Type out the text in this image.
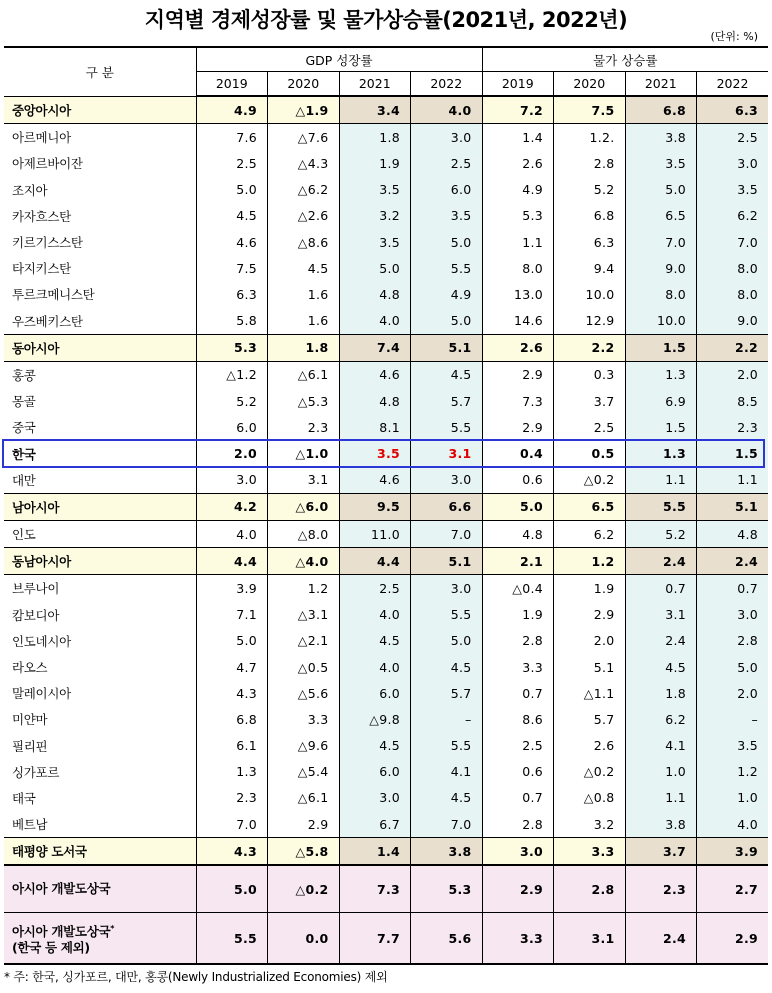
지역별 경제성장률 및 물가상승률(2021년, 2022년)
(단위: %)
구 분	GDP 성장률				물가 상승률			
	2019	2020	2021	2022	2019	2020	2021	2022
중앙아시아	4.9	△1.9	3.4	4.0	7.2	7.5	6.8	6.3
아르메니아	7.6	△7.6	1.8	3.0	1.4	1.2.	3.8	2.5
아제르바이잔	2.5	△4.3	1.9	2.5	2.6	2.8	3.5	3.0
조지아	5.0	△6.2	3.5	6.0	4.9	5.2	5.0	3.5
카자흐스탄	4.5	△2.6	3.2	3.5	5.3	6.8	6.5	6.2
키르기스스탄	4.6	△8.6	3.5	5.0	1.1	6.3	7.0	7.0
타지키스탄	7.5	4.5	5.0	5.5	8.0	9.4	9.0	8.0
투르크메니스탄	6.3	1.6	4.8	4.9	13.0	10.0	8.0	8.0
우즈베키스탄	5.8	1.6	4.0	5.0	14.6	12.9	10.0	9.0
동아시아	5.3	1.8	7.4	5.1	2.6	2.2	1.5	2.2
홍콩	△1.2	△6.1	4.6	4.5	2.9	0.3	1.3	2.0
몽골	5.2	△5.3	4.8	5.7	7.3	3.7	6.9	8.5
중국	6.0	2.3	8.1	5.5	2.9	2.5	1.5	2.3
한국	2.0	△1.0	3.5	3.1	0.4	0.5	1.3	1.5
대만	3.0	3.1	4.6	3.0	0.6	△0.2	1.1	1.1
남아시아	4.2	△6.0	9.5	6.6	5.0	6.5	5.5	5.1
인도	4.0	△8.0	11.0	7.0	4.8	6.2	5.2	4.8
동남아시아	4.4	△4.0	4.4	5.1	2.1	1.2	2.4	2.4
브루나이	3.9	1.2	2.5	3.0	△0.4	1.9	0.7	0.7
캄보디아	7.1	△3.1	4.0	5.5	1.9	2.9	3.1	3.0
인도네시아	5.0	△2.1	4.5	5.0	2.8	2.0	2.4	2.8
라오스	4.7	△0.5	4.0	4.5	3.3	5.1	4.5	5.0
말레이시아	4.3	△5.6	6.0	5.7	0.7	△1.1	1.8	2.0
미얀마	6.8	3.3	△9.8	–	8.6	5.7	6.2	–
필리핀	6.1	△9.6	4.5	5.5	2.5	2.6	4.1	3.5
싱가포르	1.3	△5.4	6.0	4.1	0.6	△0.2	1.0	1.2
태국	2.3	△6.1	3.0	4.5	0.7	△0.8	1.1	1.0
베트남	7.0	2.9	6.7	7.0	2.8	3.2	3.8	4.0
태평양 도서국	4.3	△5.8	1.4	3.8	3.0	3.3	3.7	3.9
아시아 개발도상국	5.0	△0.2	7.3	5.3	2.9	2.8	2.3	2.7
아시아 개발도상국*
(한국 등 제외)	5.5	0.0	7.7	5.6	3.3	3.1	2.4	2.9
* 주: 한국, 싱가포르, 대만, 홍콩(Newly Industrialized Economies) 제외
